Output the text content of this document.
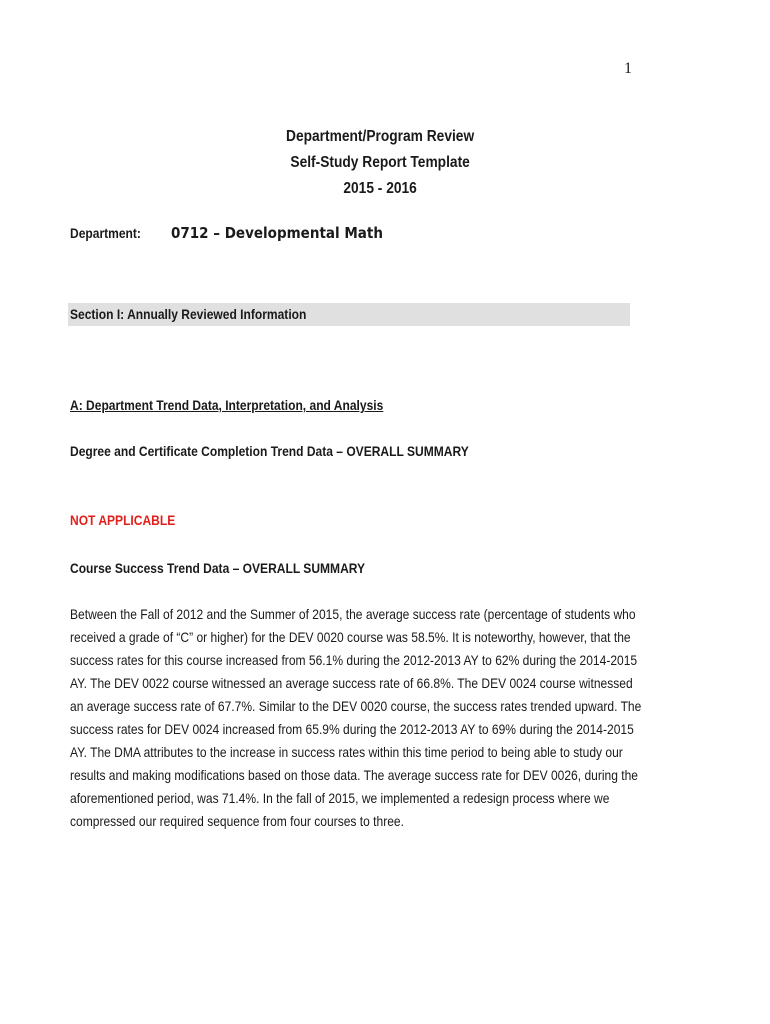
1
Department/Program Review
Self-Study Report Template
2015 - 2016
Department: 0712 – Developmental Math
Section I: Annually Reviewed Information
A: Department Trend Data, Interpretation, and Analysis
Degree and Certificate Completion Trend Data – OVERALL SUMMARY
NOT APPLICABLE
Course Success Trend Data – OVERALL SUMMARY
Between the Fall of 2012 and the Summer of 2015, the average success rate (percentage of students who
received a grade of “C” or higher) for the DEV 0020 course was 58.5%. It is noteworthy, however, that the
success rates for this course increased from 56.1% during the 2012-2013 AY to 62% during the 2014-2015
AY. The DEV 0022 course witnessed an average success rate of 66.8%. The DEV 0024 course witnessed
an average success rate of 67.7%. Similar to the DEV 0020 course, the success rates trended upward. The
success rates for DEV 0024 increased from 65.9% during the 2012-2013 AY to 69% during the 2014-2015
AY. The DMA attributes to the increase in success rates within this time period to being able to study our
results and making modifications based on those data. The average success rate for DEV 0026, during the
aforementioned period, was 71.4%. In the fall of 2015, we implemented a redesign process where we
compressed our required sequence from four courses to three.
